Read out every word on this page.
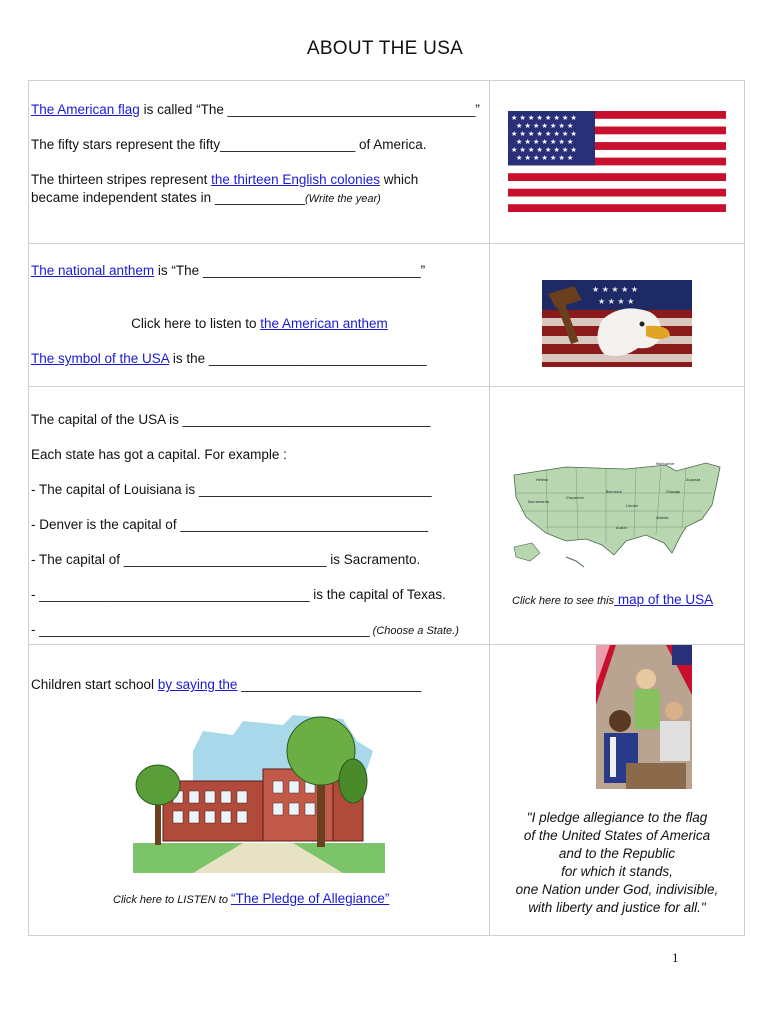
ABOUT THE USA
The American flag is called “The _________________________________”
The fifty stars represent the fifty__________________ of America.
The thirteen stripes represent the thirteen English colonies which
became independent states in ____________(Write the year)
★ ★ ★ ★ ★ ★ ★ ★
★ ★ ★ ★ ★ ★ ★
★ ★ ★ ★ ★ ★ ★ ★
★ ★ ★ ★ ★ ★ ★
★ ★ ★ ★ ★ ★ ★ ★
★ ★ ★ ★ ★ ★ ★
The national anthem is “The _____________________________”
Click here to listen to the American anthem
The symbol of the USA is the _____________________________
★ ★ ★ ★ ★
★ ★ ★ ★
The capital of the USA is _________________________________
Each state has got a capital. For example :
- The capital of Louisiana is _______________________________
- Denver is the capital of _________________________________
- The capital of ___________________________ is Sacramento.
- ____________________________________ is the capital of Texas.
- ____________________________________________ (Choose a State.)
Helena
Bismarck
Cheyenne
Sacramento
Lincoln
Chicago
Atlanta
Austin
Augusta
Montpelier
Click here to see this map of the USA
Children start school by saying the ________________________
Click here to LISTEN to “The Pledge of Allegiance”
"I pledge allegiance to the flag
of the United States of America
and to the Republic
for which it stands,
one Nation under God, indivisible,
with liberty and justice for all."
1
